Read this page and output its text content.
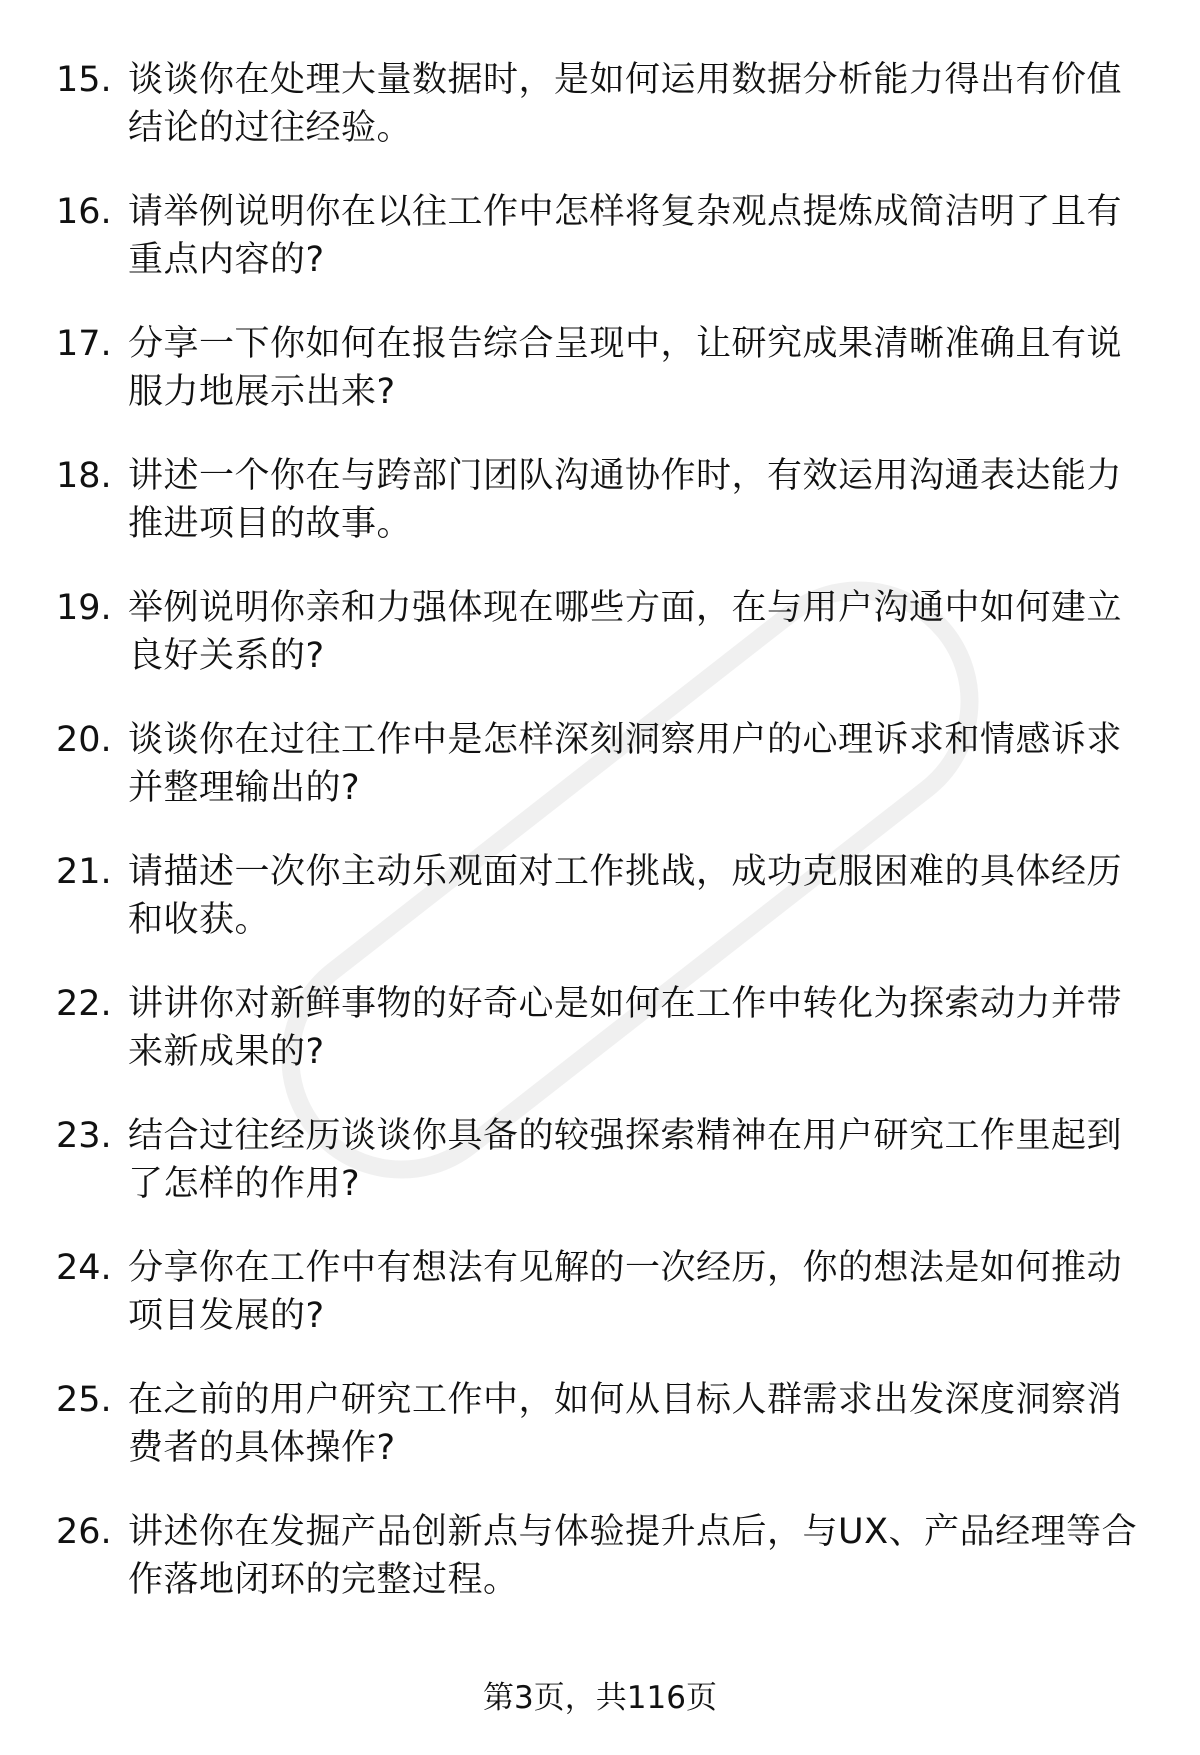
15. 谈谈你在处理大量数据时，是如何运用数据分析能力得出有价值
结论的过往经验。
16. 请举例说明你在以往工作中怎样将复杂观点提炼成简洁明了且有
重点内容的?
17. 分享一下你如何在报告综合呈现中，让研究成果清晰准确且有说
服力地展示出来?
18. 讲述一个你在与跨部门团队沟通协作时，有效运用沟通表达能力
推进项目的故事。
19. 举例说明你亲和力强体现在哪些方面，在与用户沟通中如何建立
良好关系的?
20. 谈谈你在过往工作中是怎样深刻洞察用户的心理诉求和情感诉求
并整理输出的?
21. 请描述一次你主动乐观面对工作挑战，成功克服困难的具体经历
和收获。
22. 讲讲你对新鲜事物的好奇心是如何在工作中转化为探索动力并带
来新成果的?
23. 结合过往经历谈谈你具备的较强探索精神在用户研究工作里起到
了怎样的作用?
24. 分享你在工作中有想法有见解的一次经历，你的想法是如何推动
项目发展的?
25. 在之前的用户研究工作中，如何从目标人群需求出发深度洞察消
费者的具体操作?
26. 讲述你在发掘产品创新点与体验提升点后，与UX、产品经理等合
作落地闭环的完整过程。
第3页，共116页
